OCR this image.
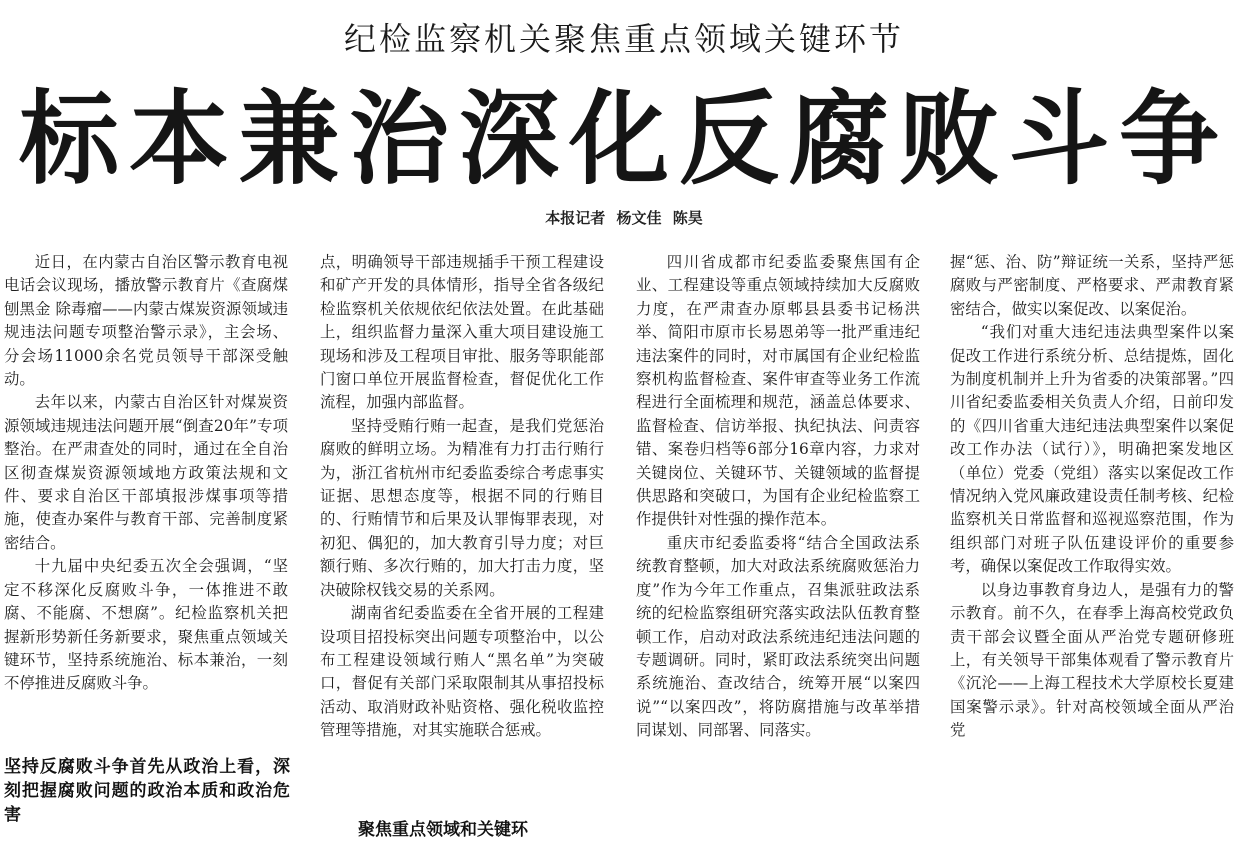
纪检监察机关聚焦重点领域关键环节
标本兼治深化反腐败斗争
本报记者 杨文佳 陈昊

近日，在内蒙古自治区警示教育电视电话会议现场，播放警示教育片《查腐煤 刨黑金 除毒瘤——内蒙古煤炭资源领域违规违法问题专项整治警示录》，主会场、分会场11000余名党员领导干部深受触动。

去年以来，内蒙古自治区针对煤炭资源领域违规违法问题开展“倒查20年”专项整治。在严肃查处的同时，通过在全自治区彻查煤炭资源领域地方政策法规和文件、要求自治区干部填报涉煤事项等措施，使查办案件与教育干部、完善制度紧密结合。

十九届中央纪委五次全会强调，“坚定不移深化反腐败斗争，一体推进不敢腐、不能腐、不想腐”。纪检监察机关把握新形势新任务新要求，聚焦重点领域关键环节，坚持系统施治、标本兼治，一刻不停推进反腐败斗争。

坚持反腐败斗争首先从政治上看，深刻把握腐败问题的政治本质和政治危害

点，明确领导干部违规插手干预工程建设和矿产开发的具体情形，指导全省各级纪检监察机关依规依纪依法处置。在此基础上，组织监督力量深入重大项目建设施工现场和涉及工程项目审批、服务等职能部门窗口单位开展监督检查，督促优化工作流程，加强内部监督。

坚持受贿行贿一起查，是我们党惩治腐败的鲜明立场。为精准有力打击行贿行为，浙江省杭州市纪委监委综合考虑事实证据、思想态度等，根据不同的行贿目的、行贿情节和后果及认罪悔罪表现，对初犯、偶犯的，加大教育引导力度；对巨额行贿、多次行贿的，加大打击力度，坚决破除权钱交易的关系网。

湖南省纪委监委在全省开展的工程建设项目招投标突出问题专项整治中，以公布工程建设领域行贿人“黑名单”为突破口，督促有关部门采取限制其从事招投标活动、取消财政补贴资格、强化税收监控管理等措施，对其实施联合惩戒。

聚焦重点领域和关键环

四川省成都市纪委监委聚焦国有企业、工程建设等重点领域持续加大反腐败力度，在严肃查办原郫县县委书记杨洪举、简阳市原市长易恩弟等一批严重违纪违法案件的同时，对市属国有企业纪检监察机构监督检查、案件审查等业务工作流程进行全面梳理和规范，涵盖总体要求、监督检查、信访举报、执纪执法、问责容错、案卷归档等6部分16章内容，力求对关键岗位、关键环节、关键领域的监督提供思路和突破口，为国有企业纪检监察工作提供针对性强的操作范本。

重庆市纪委监委将“结合全国政法系统教育整顿，加大对政法系统腐败惩治力度”作为今年工作重点，召集派驻政法系统的纪检监察组研究落实政法队伍教育整顿工作，启动对政法系统违纪违法问题的专题调研。同时，紧盯政法系统突出问题系统施治、查改结合，统筹开展“以案四说”“以案四改”，将防腐措施与改革举措同谋划、同部署、同落实。

握“惩、治、防”辩证统一关系，坚持严惩腐败与严密制度、严格要求、严肃教育紧密结合，做实以案促改、以案促治。

“我们对重大违纪违法典型案件以案促改工作进行系统分析、总结提炼，固化为制度机制并上升为省委的决策部署。”四川省纪委监委相关负责人介绍，日前印发的《四川省重大违纪违法典型案件以案促改工作办法（试行）》，明确把案发地区（单位）党委（党组）落实以案促改工作情况纳入党风廉政建设责任制考核、纪检监察机关日常监督和巡视巡察范围，作为组织部门对班子队伍建设评价的重要参考，确保以案促改工作取得实效。

以身边事教育身边人，是强有力的警示教育。前不久，在春季上海高校党政负责干部会议暨全面从严治党专题研修班上，有关领导干部集体观看了警示教育片《沉沦——上海工程技术大学原校长夏建国案警示录》。针对高校领域全面从严治党
